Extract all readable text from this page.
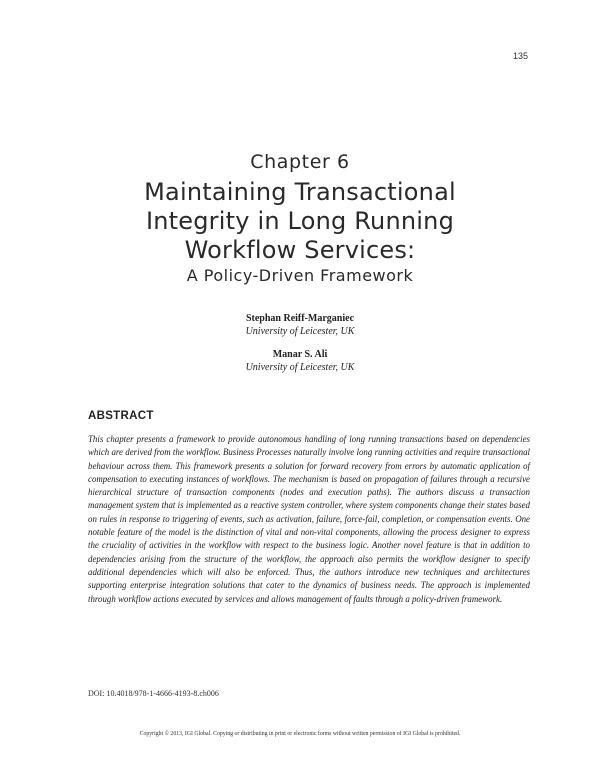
135
Chapter 6
Maintaining Transactional
Integrity in Long Running
Workflow Services:
A Policy-Driven Framework
Stephan Reiff-Marganiec
University of Leicester, UK
Manar S. Ali
University of Leicester, UK
ABSTRACT
This chapter presents a framework to provide autonomous handling of long running transactions based on dependencies which are derived from the workflow. Business Processes naturally involve long running activities and require transactional behaviour across them. This framework presents a solution for forward recovery from errors by automatic application of compensation to executing instances of workflows. The mechanism is based on propagation of failures through a recursive hierarchical structure of transaction components (nodes and execution paths). The authors discuss a transaction management system that is implemented as a reactive system controller, where system components change their states based on rules in response to triggering of events, such as activation, failure, force-fail, completion, or compensation events. One notable feature of the model is the distinction of vital and non-vital components, allowing the process designer to express the cruciality of activities in the workflow with respect to the business logic. Another novel feature is that in addition to dependencies arising from the structure of the workflow, the approach also permits the workflow designer to specify additional dependencies which will also be enforced. Thus, the authors introduce new techniques and architectures supporting enterprise integration solutions that cater to the dynamics of business needs. The approach is implemented through workflow actions executed by services and allows management of faults through a policy-driven framework.
DOI: 10.4018/978-1-4666-4193-8.ch006
Copyright © 2013, IGI Global. Copying or distributing in print or electronic forms without written permission of IGI Global is prohibited.
